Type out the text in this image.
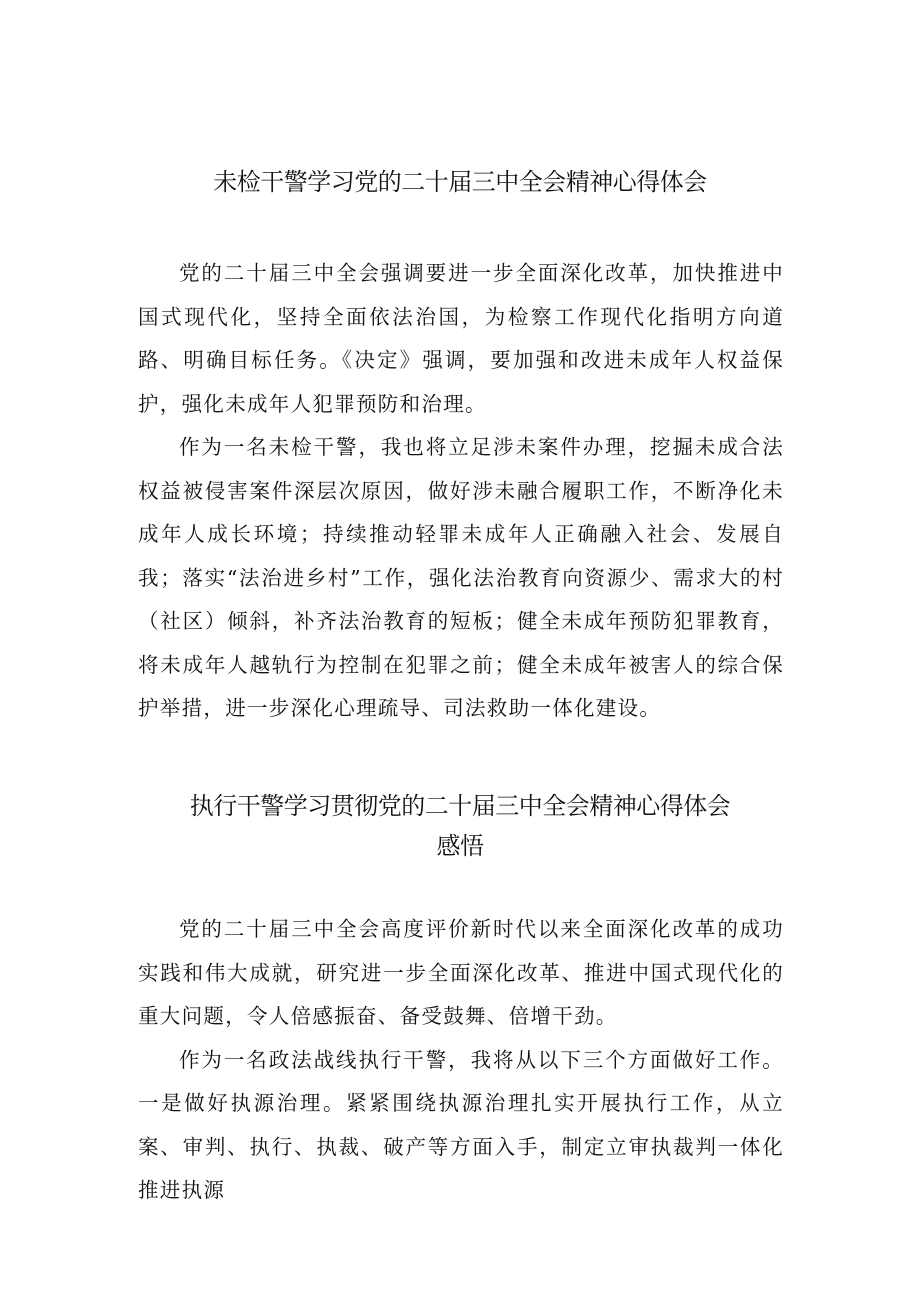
未检干警学习党的二十届三中全会精神心得体会

党的二十届三中全会强调要进一步全面深化改革，加快推进中国式现代化，坚持全面依法治国，为检察工作现代化指明方向道路、明确目标任务。《决定》强调，要加强和改进未成年人权益保护，强化未成年人犯罪预防和治理。

作为一名未检干警，我也将立足涉未案件办理，挖掘未成合法权益被侵害案件深层次原因，做好涉未融合履职工作，不断净化未成年人成长环境；持续推动轻罪未成年人正确融入社会、发展自我；落实“法治进乡村”工作，强化法治教育向资源少、需求大的村（社区）倾斜，补齐法治教育的短板；健全未成年预防犯罪教育，将未成年人越轨行为控制在犯罪之前；健全未成年被害人的综合保护举措，进一步深化心理疏导、司法救助一体化建设。

执行干警学习贯彻党的二十届三中全会精神心得体会
感悟

党的二十届三中全会高度评价新时代以来全面深化改革的成功实践和伟大成就，研究进一步全面深化改革、推进中国式现代化的重大问题，令人倍感振奋、备受鼓舞、倍增干劲。

作为一名政法战线执行干警，我将从以下三个方面做好工作。一是做好执源治理。紧紧围绕执源治理扎实开展执行工作，从立案、审判、执行、执裁、破产等方面入手，制定立审执裁判一体化推进执源
